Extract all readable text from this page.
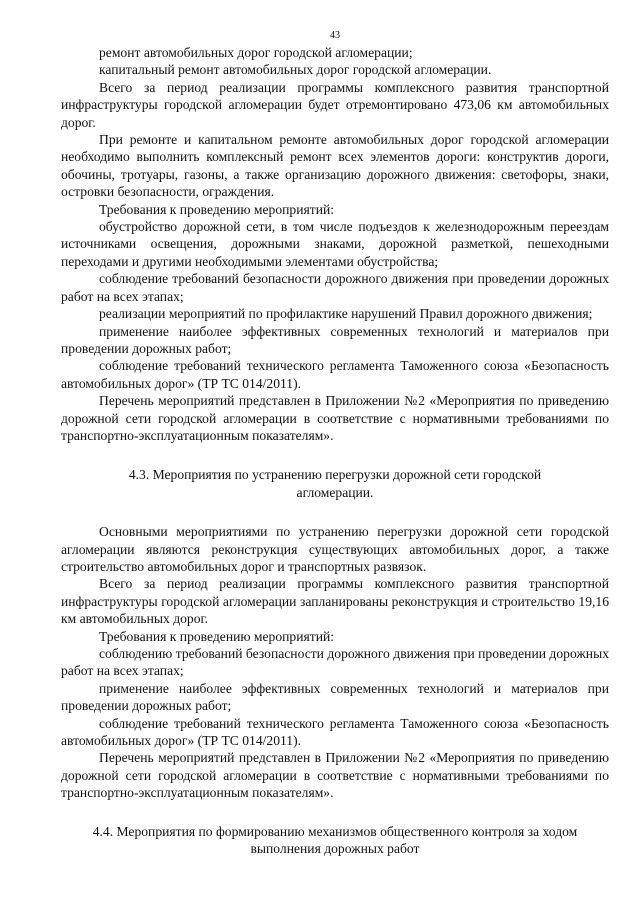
43

ремонт автомобильных дорог городской агломерации;

капитальный ремонт автомобильных дорог городской агломерации.

Всего за период реализации программы комплексного развития транспортной инфраструктуры городской агломерации будет отремонтировано 473,06 км автомобильных дорог.

При ремонте и капитальном ремонте автомобильных дорог городской агломерации необходимо выполнить комплексный ремонт всех элементов дороги: конструктив дороги, обочины, тротуары, газоны, а также организацию дорожного движения: светофоры, знаки, островки безопасности, ограждения.

Требования к проведению мероприятий:

обустройство дорожной сети, в том числе подъездов к железнодорожным переездам источниками освещения, дорожными знаками, дорожной разметкой, пешеходными переходами и другими необходимыми элементами обустройства;

соблюдение требований безопасности дорожного движения при проведении дорожных работ на всех этапах;

реализации мероприятий по профилактике нарушений Правил дорожного движения;

применение наиболее эффективных современных технологий и материалов при проведении дорожных работ;

соблюдение требований технического регламента Таможенного союза «Безопасность автомобильных дорог» (ТР ТС 014/2011).

Перечень мероприятий представлен в Приложении №2 «Мероприятия по приведению дорожной сети городской агломерации в соответствие с нормативными требованиями по транспортно-эксплуатационным показателям».

4.3. Мероприятия по устранению перегрузки дорожной сети городской агломерации.

Основными мероприятиями по устранению перегрузки дорожной сети городской агломерации являются реконструкция существующих автомобильных дорог, а также строительство автомобильных дорог и транспортных развязок.

Всего за период реализации программы комплексного развития транспортной инфраструктуры городской агломерации запланированы реконструкция и строительство 19,16 км автомобильных дорог.

Требования к проведению мероприятий:

соблюдению требований безопасности дорожного движения при проведении дорожных работ на всех этапах;

применение наиболее эффективных современных технологий и материалов при проведении дорожных работ;

соблюдение требований технического регламента Таможенного союза «Безопасность автомобильных дорог» (ТР ТС 014/2011).

Перечень мероприятий представлен в Приложении №2 «Мероприятия по приведению дорожной сети городской агломерации в соответствие с нормативными требованиями по транспортно-эксплуатационным показателям».

4.4. Мероприятия по формированию механизмов общественного контроля за ходом выполнения дорожных работ
